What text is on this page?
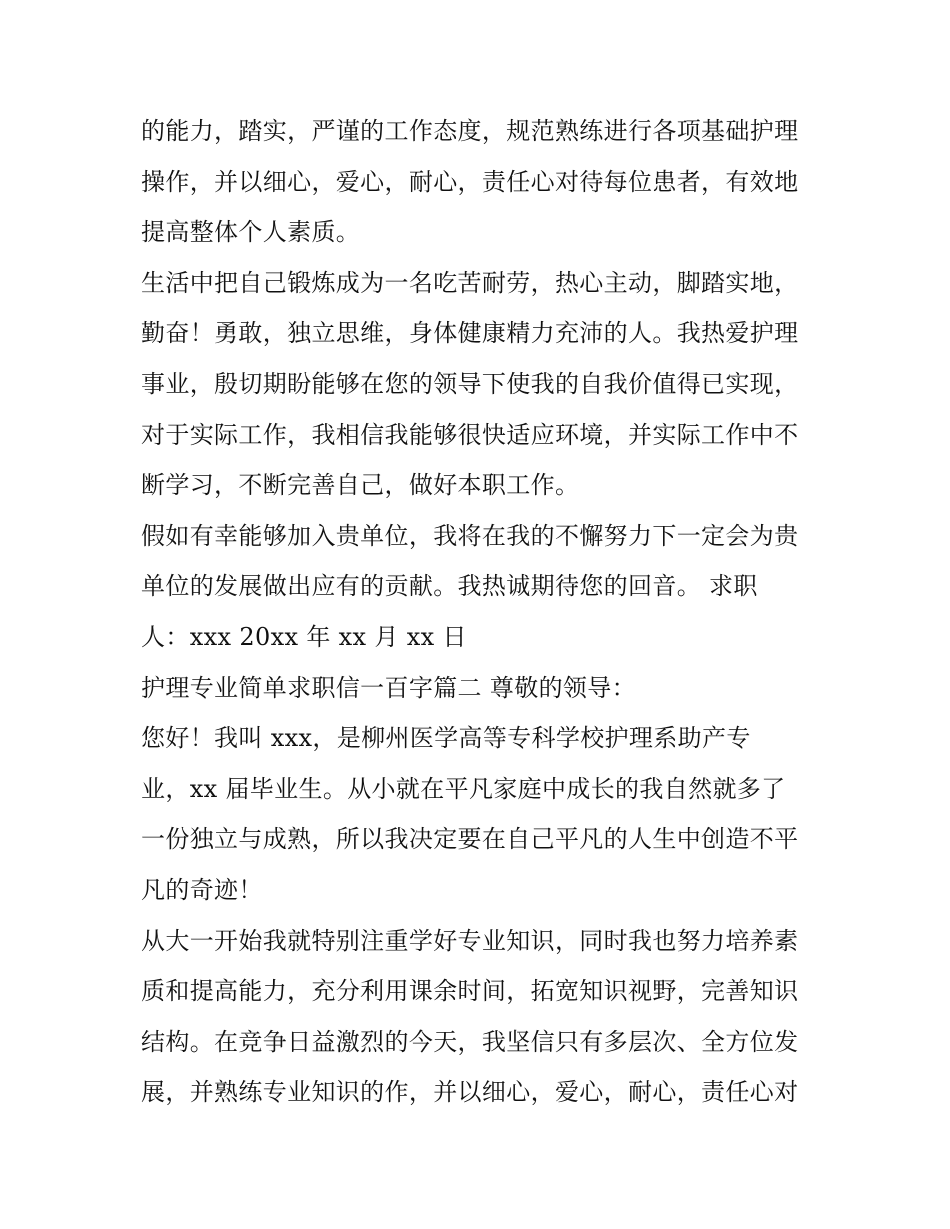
的能力，踏实，严谨的工作态度，规范熟练进行各项基础护理
操作，并以细心，爱心，耐心，责任心对待每位患者，有效地
提高整体个人素质。
生活中把自己锻炼成为一名吃苦耐劳，热心主动，脚踏实地，
勤奋！勇敢，独立思维，身体健康精力充沛的人。我热爱护理
事业，殷切期盼能够在您的领导下使我的自我价值得已实现，
对于实际工作，我相信我能够很快适应环境，并实际工作中不
断学习，不断完善自己，做好本职工作。
假如有幸能够加入贵单位，我将在我的不懈努力下一定会为贵
单位的发展做出应有的贡献。我热诚期待您的回音。 求职
人：xxx 20xx 年 xx 月 xx 日
护理专业简单求职信一百字篇二 尊敬的领导：
您好！我叫 xxx，是柳州医学高等专科学校护理系助产专
业，xx 届毕业生。从小就在平凡家庭中成长的我自然就多了
一份独立与成熟，所以我决定要在自己平凡的人生中创造不平
凡的奇迹！
从大一开始我就特别注重学好专业知识，同时我也努力培养素
质和提高能力，充分利用课余时间，拓宽知识视野，完善知识
结构。在竞争日益激烈的今天，我坚信只有多层次、全方位发
展，并熟练专业知识的作，并以细心，爱心，耐心，责任心对
